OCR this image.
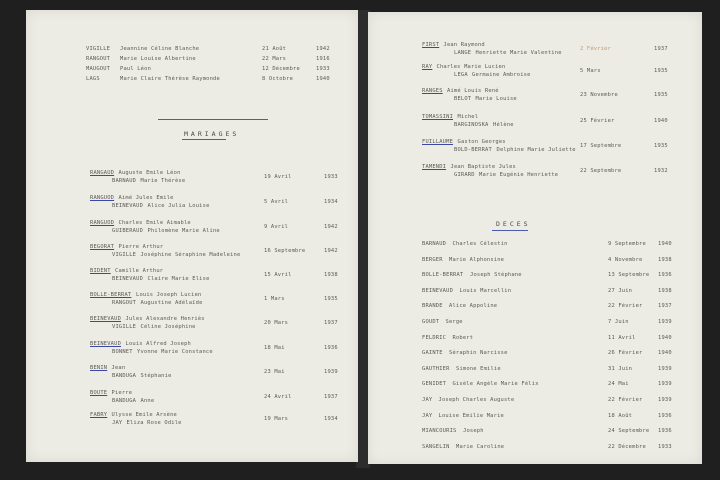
VIGILLE Jeannine Céline Blanche	21 Août	1942
RANGOUT Marie Louise Albertine	22 Mars	1916
MAUGOUT Paul Léon	12 Décembre	1933
LAGS	Marie Claire Thérèse Raymonde	8 Octobre	1940
MARIAGES
RANGAUD Auguste Emile Léon
BARNAUD Marie Thérèse
19 Avril	1933
RANGUOD Aimé Jules Emile
BEINEVAUD Alice Julia Louise
5 Avril	1934
RANGUOD Charles Emile Aimable
GUIBERAUD Philomène Marie Aline
9 Avril	1942
BEGORAT Pierre Arthur
VIGILLE Joséphine Séraphine Madeleine
16 Septembre	1942
BIDENT Camille Arthur
BEINEVAUD Claire Marie Elise
15 Avril	1938
BOLLE-BERRAT Louis Joseph Lucien
RANGOUT Augustine Adélaïde
1 Mars	1935
BEINEVAUD Jules Alexandre Henriès
VIGILLE Céline Joséphine
20 Mars	1937
BEINEVAUD Louis Alfred Joseph
BONNET Yvonne Marie Constance
18 Mai	1936
BENIN Jean
BANDUGA Stéphanie
23 Mai	1939
BOUTE Pierre
BANDUGA Anne
24 Avril	1937
FABRY Ulysse Emile Arsène
JAY Eliza Rose Odile
19 Mars	1934
FIRST Jean Raymond
LANGE Henriette Marie Valentine
2 Février	1937
RAY Charles Marie Lucien
LEGA Germaine Ambroise
5 Mars	1935
RANGES Aimé Louis René
BELOT Marie Louise
23 Novembre	1935
TOMASSINI Michel
BARGINOSKA Hélène
25 Février	1940
FUILLAUME Gaston Georges
BOLD-BERRAT Delphine Marie Juliette
17 Septembre	1935
TAMENDI Jean Baptiste Jules
GIRARD Marie Eugénie Henriette
22 Septembre	1932
DECES
BARNAUD Charles Célestin	9 Septembre 1940
BERGER Marie Alphonsine	4 Novembre	1938
BOLLE-BERRAT Joseph Stéphane	13 Septembre 1936
BEINEVAUD Louis Marcellin	27 Juin	1938
BRANDE Alice Appoline	22 Février	1937
GOUDT Serge	7 Juin	1939
FELDRIC Robert	11 Avril	1940
GAINTE Séraphin Narcisse	26 Février	1940
GAUTHIER Simone Emilie	31 Juin	1939
GENIDET Gisèle Angèle Marie Félix	24 Mai	1939
JAY Joseph Charles Auguste	22 Février	1939
JAY Louise Emilie Marie	18 Août	1936
MIANCOURIS Joseph	24 Septembre 1936
SANGELIN Marie Caroline	22 Décembre 1933
